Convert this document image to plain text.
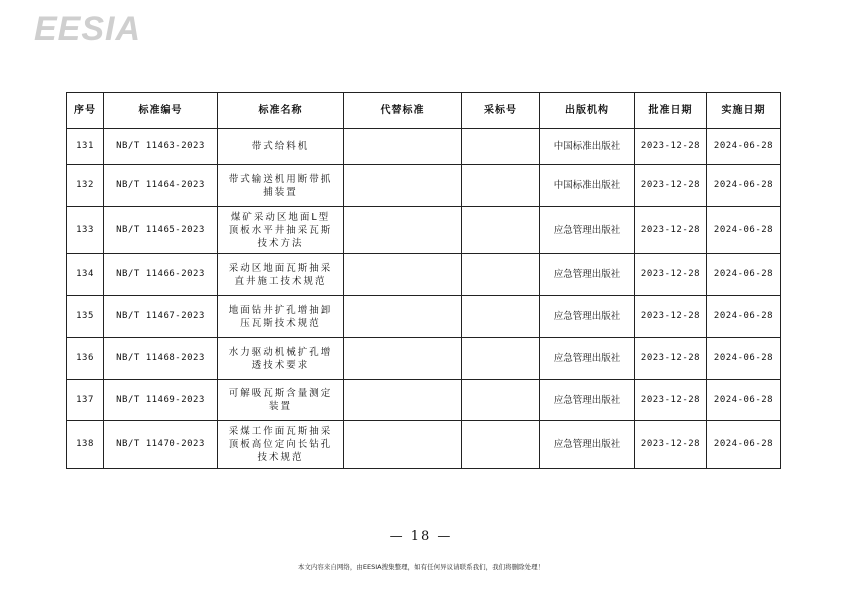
EESIA
序号	标准编号	标准名称	代替标准	采标号	出版机构	批准日期	实施日期
131	NB/T 11463-2023	带式给料机			中国标准出版社	2023-12-28	2024-06-28
132	NB/T 11464-2023	带式输送机用断带抓捕装置			中国标准出版社	2023-12-28	2024-06-28
133	NB/T 11465-2023	煤矿采动区地面L型顶板水平井抽采瓦斯技术方法			应急管理出版社	2023-12-28	2024-06-28
134	NB/T 11466-2023	采动区地面瓦斯抽采直井施工技术规范			应急管理出版社	2023-12-28	2024-06-28
135	NB/T 11467-2023	地面钻井扩孔增抽卸压瓦斯技术规范			应急管理出版社	2023-12-28	2024-06-28
136	NB/T 11468-2023	水力驱动机械扩孔增透技术要求			应急管理出版社	2023-12-28	2024-06-28
137	NB/T 11469-2023	可解吸瓦斯含量测定装置			应急管理出版社	2023-12-28	2024-06-28
138	NB/T 11470-2023	采煤工作面瓦斯抽采顶板高位定向长钻孔技术规范			应急管理出版社	2023-12-28	2024-06-28
— 18 —
本文内容来自网络，由EESIA搜集整理，如有任何异议请联系我们，我们将删除处理！
